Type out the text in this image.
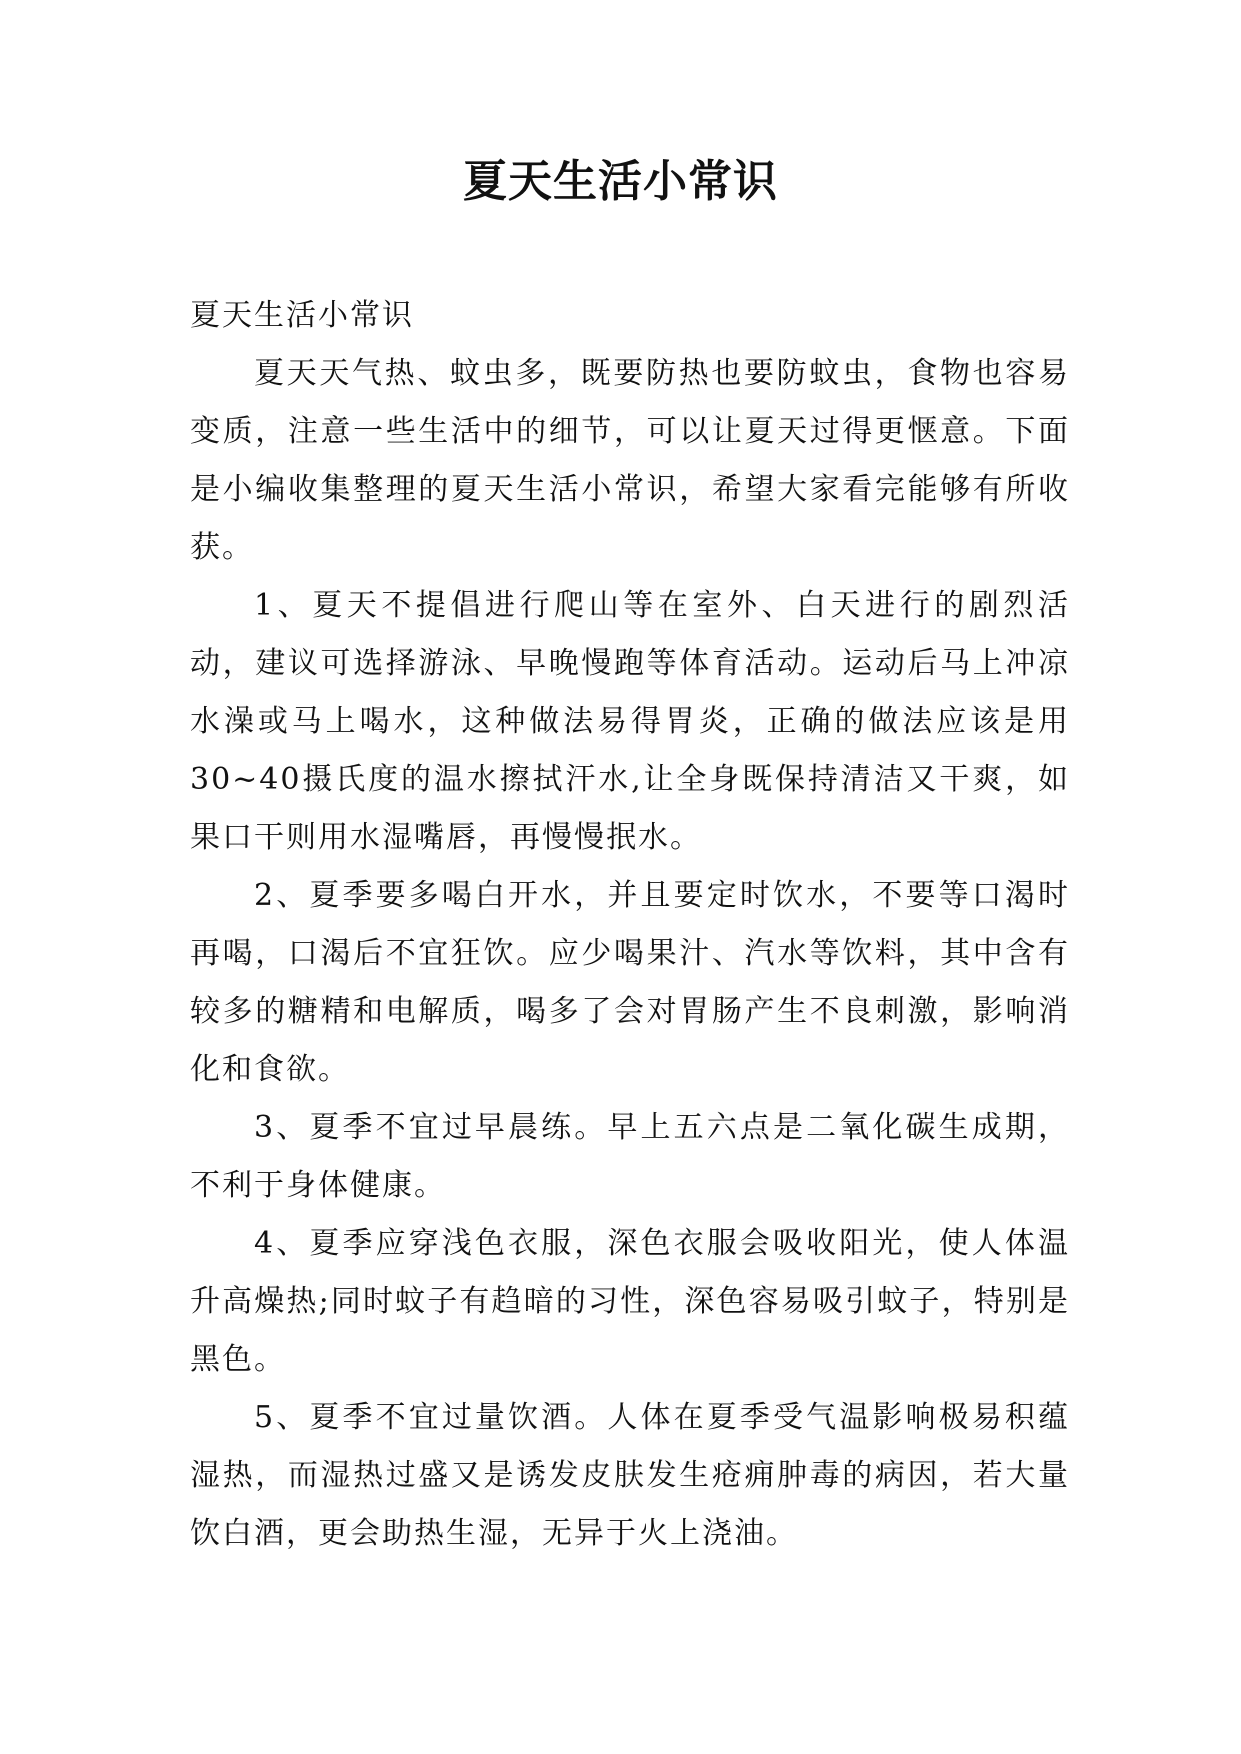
夏天生活小常识

夏天生活小常识

夏天天气热、蚊虫多，既要防热也要防蚊虫，食物也容易变质，注意一些生活中的细节，可以让夏天过得更惬意。下面是小编收集整理的夏天生活小常识，希望大家看完能够有所收获。

1、夏天不提倡进行爬山等在室外、白天进行的剧烈活动，建议可选择游泳、早晚慢跑等体育活动。运动后马上冲凉水澡或马上喝水，这种做法易得胃炎，正确的做法应该是用30~40摄氏度的温水擦拭汗水,让全身既保持清洁又干爽，如果口干则用水湿嘴唇，再慢慢抿水。

2、夏季要多喝白开水，并且要定时饮水，不要等口渴时再喝，口渴后不宜狂饮。应少喝果汁、汽水等饮料，其中含有较多的糖精和电解质，喝多了会对胃肠产生不良刺激，影响消化和食欲。

3、夏季不宜过早晨练。早上五六点是二氧化碳生成期，不利于身体健康。

4、夏季应穿浅色衣服，深色衣服会吸收阳光，使人体温升高燥热;同时蚊子有趋暗的习性，深色容易吸引蚊子，特别是黑色。

5、夏季不宜过量饮酒。人体在夏季受气温影响极易积蕴湿热，而湿热过盛又是诱发皮肤发生疮痈肿毒的病因，若大量饮白酒，更会助热生湿，无异于火上浇油。
